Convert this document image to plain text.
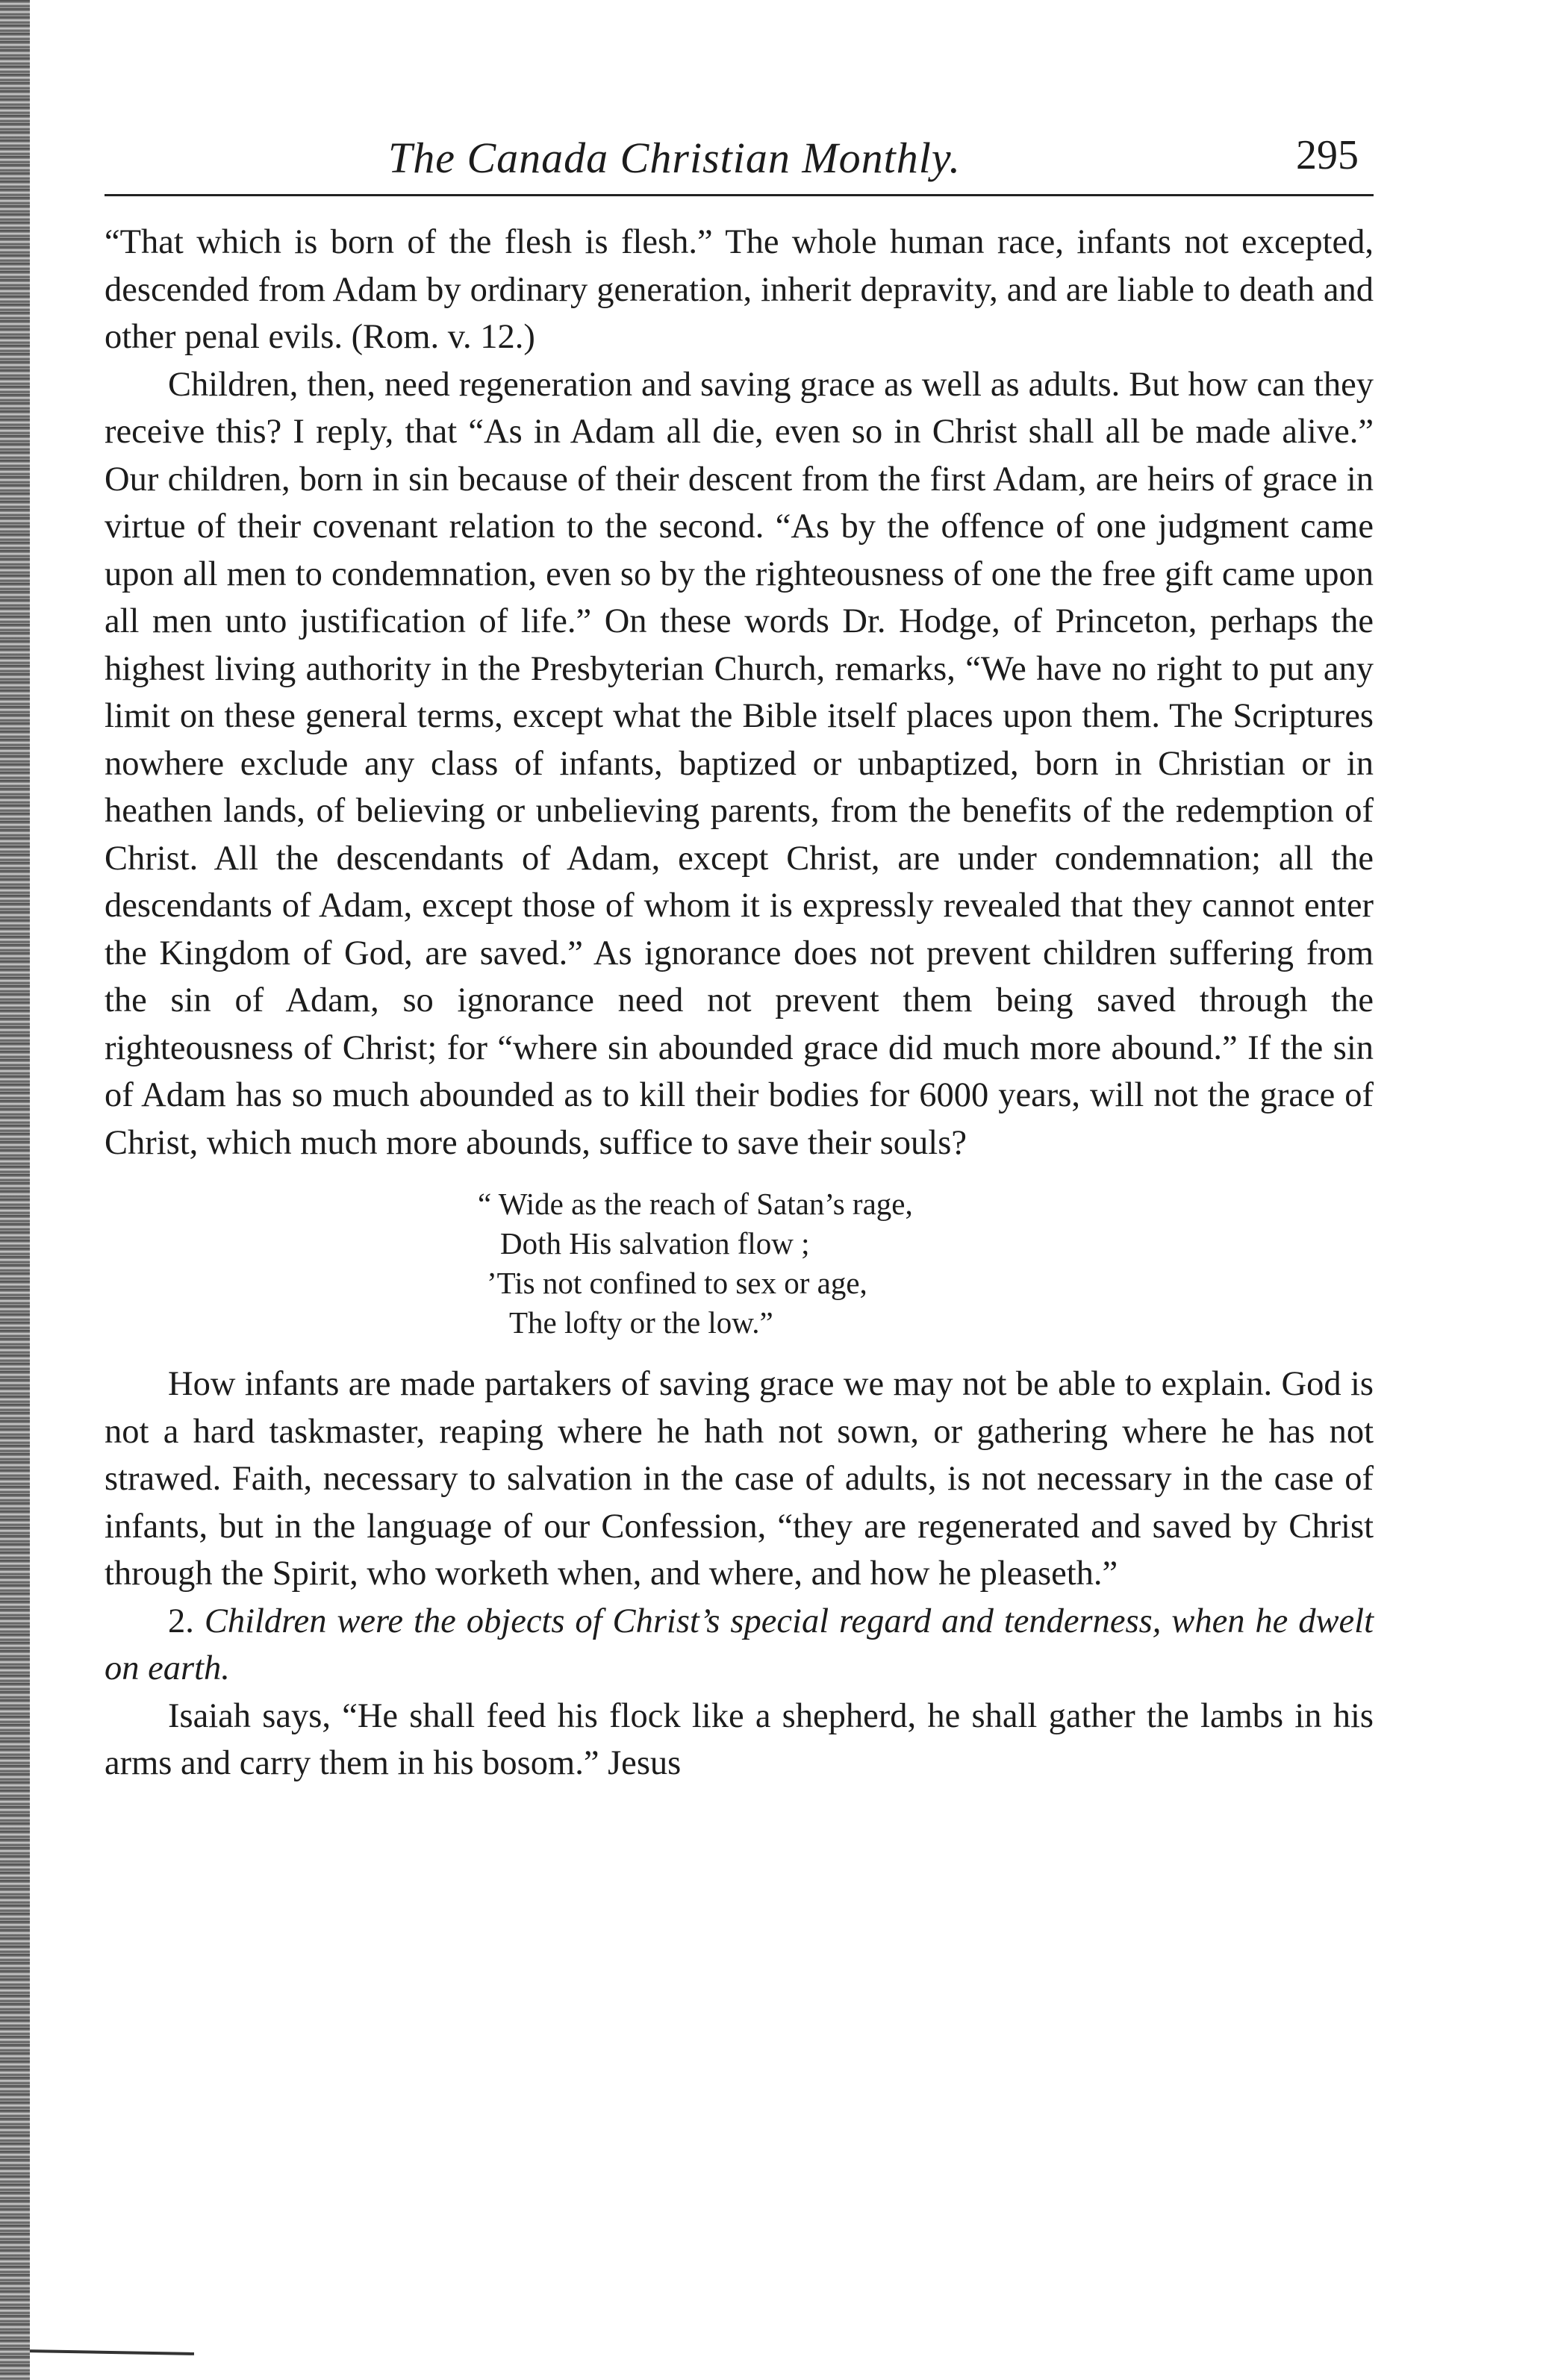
The Canada Christian Monthly.	295

“That which is born of the flesh is flesh.” The whole human race, infants not excepted, descended from Adam by ordinary generation, inherit depravity, and are liable to death and other penal evils. (Rom. v. 12.)

Children, then, need regeneration and saving grace as well as adults. But how can they receive this? I reply, that “As in Adam all die, even so in Christ shall all be made alive.” Our children, born in sin because of their descent from the first Adam, are heirs of grace in virtue of their covenant relation to the second. “As by the offence of one judgment came upon all men to condemnation, even so by the righteousness of one the free gift came upon all men unto justification of life.” On these words Dr. Hodge, of Princeton, perhaps the highest living authority in the Presbyterian Church, remarks, “We have no right to put any limit on these general terms, except what the Bible itself places upon them. The Scriptures nowhere exclude any class of infants, baptized or unbaptized, born in Christian or in heathen lands, of believing or unbelieving parents, from the benefits of the redemption of Christ. All the descendants of Adam, except Christ, are under condemnation; all the descendants of Adam, except those of whom it is expressly revealed that they cannot enter the Kingdom of God, are saved.” As ignorance does not prevent children suffering from the sin of Adam, so ignorance need not prevent them being saved through the righteousness of Christ; for “where sin abounded grace did much more abound.” If the sin of Adam has so much abounded as to kill their bodies for 6000 years, will not the grace of Christ, which much more abounds, suffice to save their souls?

“ Wide as the reach of Satan’s rage,
Doth His salvation flow ;
’Tis not confined to sex or age,
The lofty or the low.”

How infants are made partakers of saving grace we may not be able to explain. God is not a hard taskmaster, reaping where he hath not sown, or gathering where he has not strawed. Faith, necessary to salvation in the case of adults, is not necessary in the case of infants, but in the language of our Confession, “they are regenerated and saved by Christ through the Spirit, who worketh when, and where, and how he pleaseth.”

2. Children were the objects of Christ’s special regard and tenderness, when he dwelt on earth.

Isaiah says, “He shall feed his flock like a shepherd, he shall gather the lambs in his arms and carry them in his bosom.” Jesus
